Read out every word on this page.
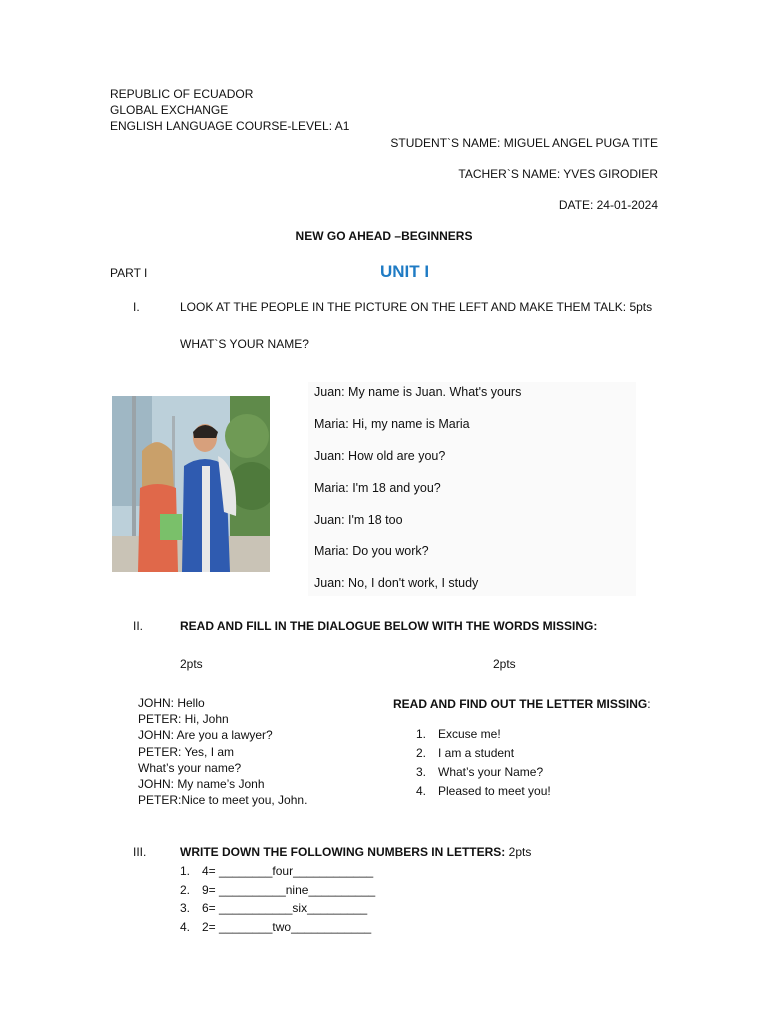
REPUBLIC OF ECUADOR
GLOBAL EXCHANGE
ENGLISH LANGUAGE COURSE-LEVEL: A1
STUDENT`S NAME: MIGUEL ANGEL PUGA TITE
TACHER`S NAME: YVES GIRODIER
DATE: 24-01-2024
NEW GO AHEAD –BEGINNERS
PART I	UNIT I
I.	LOOK AT THE PEOPLE IN THE PICTURE ON THE LEFT AND MAKE THEM TALK: 5pts
WHAT`S YOUR NAME?
Juan: My name is Juan. What's yours
Maria: Hi, my name is Maria
Juan: How old are you?
Maria: I'm 18 and you?
Juan: I'm 18 too
Maria: Do you work?
Juan: No, I don't work, I study
II.	READ AND FILL IN THE DIALOGUE BELOW WITH THE WORDS MISSING:
2pts	2pts
JOHN: Hello
PETER: Hi, John
JOHN: Are you a lawyer?
PETER: Yes, I am
What’s your name?
JOHN: My name’s Jonh
PETER:Nice to meet you, John.
READ AND FIND OUT THE LETTER MISSING:
1. Excuse me!
2. I am a student
3. What’s your Name?
4. Pleased to meet you!
III.	WRITE DOWN THE FOLLOWING NUMBERS IN LETTERS: 2pts
1. 4= ________four____________
2. 9= __________nine__________
3. 6= ___________six_________
4. 2= ________two____________
